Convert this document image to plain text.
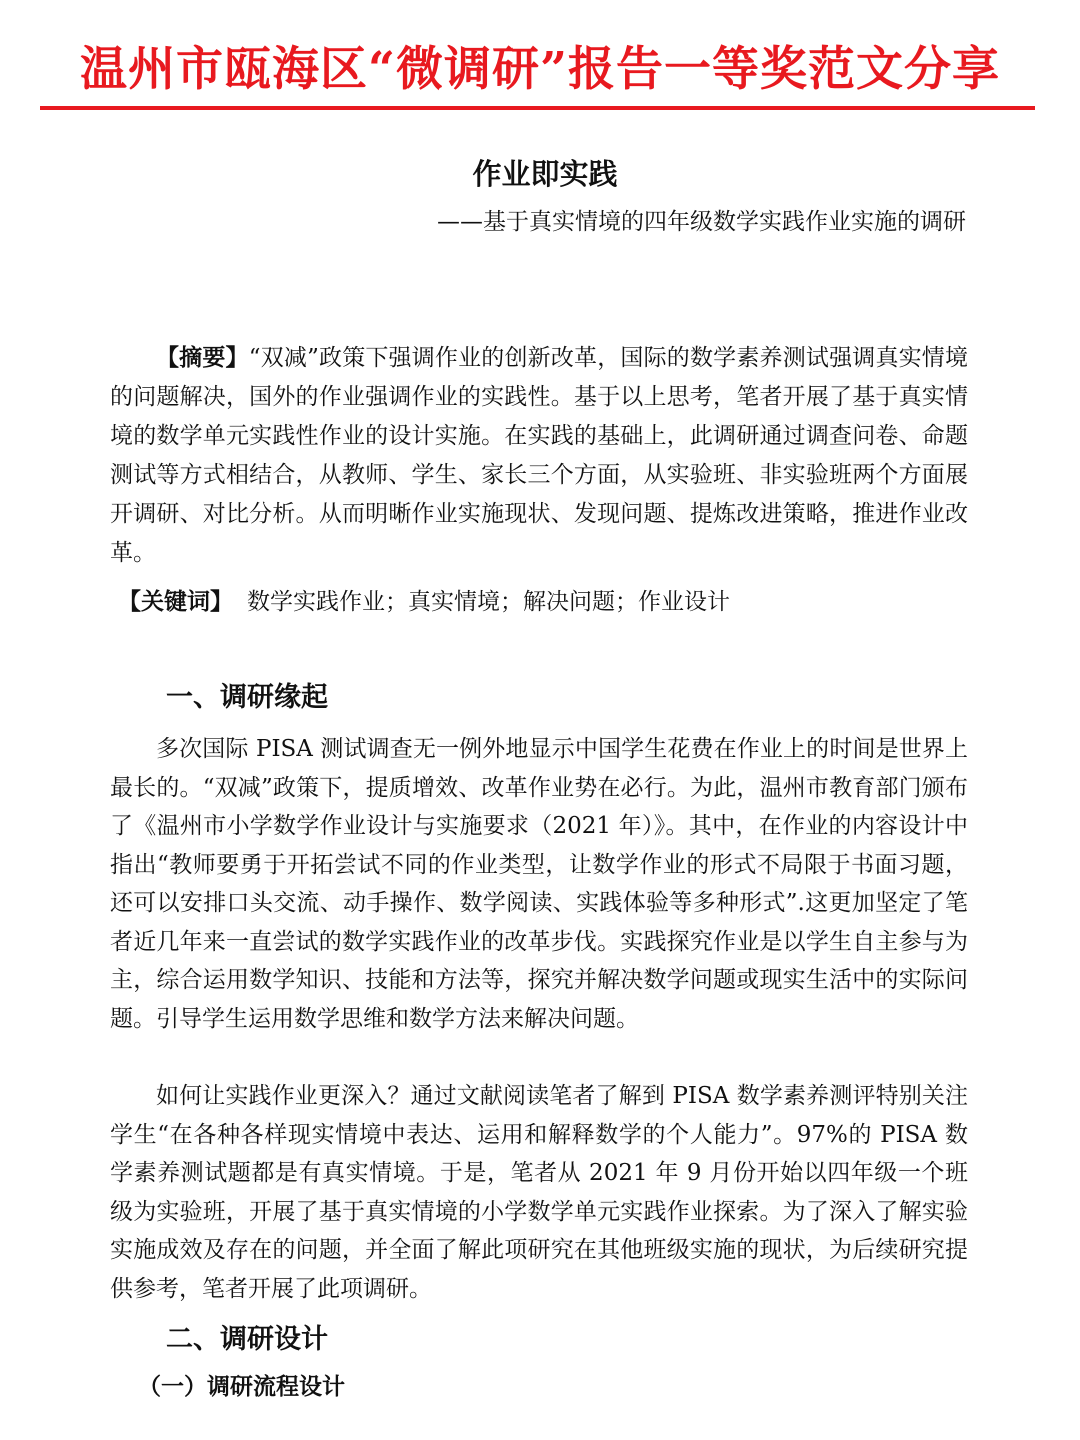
温州市瓯海区“微调研”报告一等奖范文分享
作业即实践
——基于真实情境的四年级数学实践作业实施的调研

【摘要】“双减”政策下强调作业的创新改革，国际的数学素养测试强调真实情境的问题解决，国外的作业强调作业的实践性。基于以上思考，笔者开展了基于真实情境的数学单元实践性作业的设计实施。在实践的基础上，此调研通过调查问卷、命题测试等方式相结合，从教师、学生、家长三个方面，从实验班、非实验班两个方面展开调研、对比分析。从而明晰作业实施现状、发现问题、提炼改进策略，推进作业改革。

【关键词】 数学实践作业；真实情境；解决问题；作业设计
一、调研缘起

多次国际 PISA 测试调查无一例外地显示中国学生花费在作业上的时间是世界上最长的。“双减”政策下，提质增效、改革作业势在必行。为此，温州市教育部门颁布了《温州市小学数学作业设计与实施要求（2021 年）》。其中，在作业的内容设计中指出“教师要勇于开拓尝试不同的作业类型，让数学作业的形式不局限于书面习题，还可以安排口头交流、动手操作、数学阅读、实践体验等多种形式”.这更加坚定了笔者近几年来一直尝试的数学实践作业的改革步伐。实践探究作业是以学生自主参与为主，综合运用数学知识、技能和方法等，探究并解决数学问题或现实生活中的实际问题。引导学生运用数学思维和数学方法来解决问题。

如何让实践作业更深入？通过文献阅读笔者了解到 PISA 数学素养测评特别关注学生“在各种各样现实情境中表达、运用和解释数学的个人能力”。97%的 PISA 数学素养测试题都是有真实情境。于是，笔者从 2021 年 9 月份开始以四年级一个班级为实验班，开展了基于真实情境的小学数学单元实践作业探索。为了深入了解实验实施成效及存在的问题，并全面了解此项研究在其他班级实施的现状，为后续研究提供参考，笔者开展了此项调研。

二、调研设计
（一）调研流程设计
